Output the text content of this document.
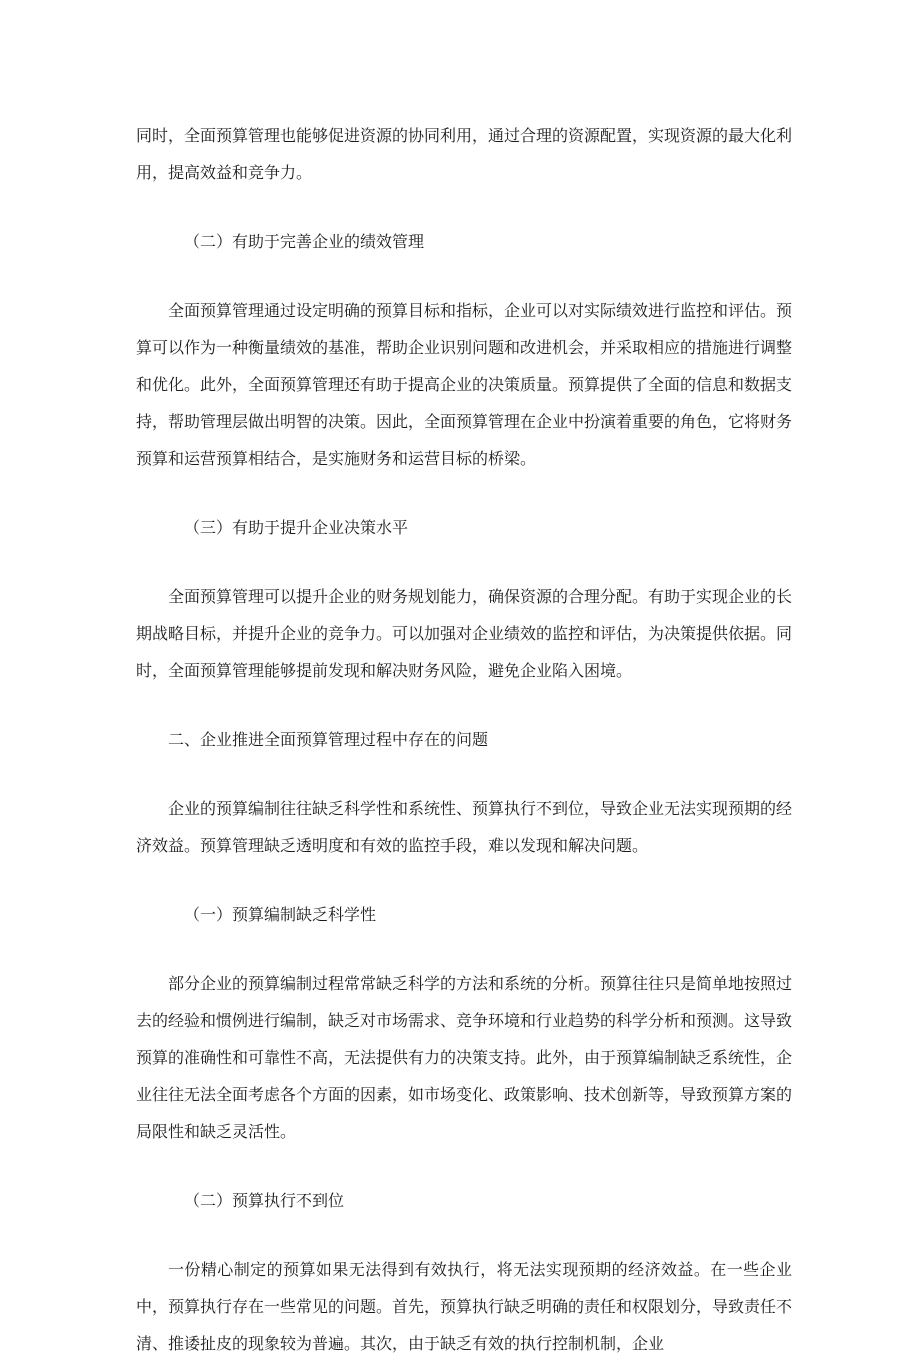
同时，全面预算管理也能够促进资源的协同利用，通过合理的资源配置，实现资源的最大化利用，提高效益和竞争力。

（二）有助于完善企业的绩效管理

全面预算管理通过设定明确的预算目标和指标，企业可以对实际绩效进行监控和评估。预算可以作为一种衡量绩效的基准，帮助企业识别问题和改进机会，并采取相应的措施进行调整和优化。此外，全面预算管理还有助于提高企业的决策质量。预算提供了全面的信息和数据支持，帮助管理层做出明智的决策。因此，全面预算管理在企业中扮演着重要的角色，它将财务预算和运营预算相结合，是实施财务和运营目标的桥梁。

（三）有助于提升企业决策水平

全面预算管理可以提升企业的财务规划能力，确保资源的合理分配。有助于实现企业的长期战略目标，并提升企业的竞争力。可以加强对企业绩效的监控和评估，为决策提供依据。同时，全面预算管理能够提前发现和解决财务风险，避免企业陷入困境。

二、企业推进全面预算管理过程中存在的问题

企业的预算编制往往缺乏科学性和系统性、预算执行不到位，导致企业无法实现预期的经济效益。预算管理缺乏透明度和有效的监控手段，难以发现和解决问题。

（一）预算编制缺乏科学性

部分企业的预算编制过程常常缺乏科学的方法和系统的分析。预算往往只是简单地按照过去的经验和惯例进行编制，缺乏对市场需求、竞争环境和行业趋势的科学分析和预测。这导致预算的准确性和可靠性不高，无法提供有力的决策支持。此外，由于预算编制缺乏系统性，企业往往无法全面考虑各个方面的因素，如市场变化、政策影响、技术创新等，导致预算方案的局限性和缺乏灵活性。

（二）预算执行不到位

一份精心制定的预算如果无法得到有效执行，将无法实现预期的经济效益。在一些企业中，预算执行存在一些常见的问题。首先，预算执行缺乏明确的责任和权限划分，导致责任不清、推诿扯皮的现象较为普遍。其次，由于缺乏有效的执行控制机制，企业
